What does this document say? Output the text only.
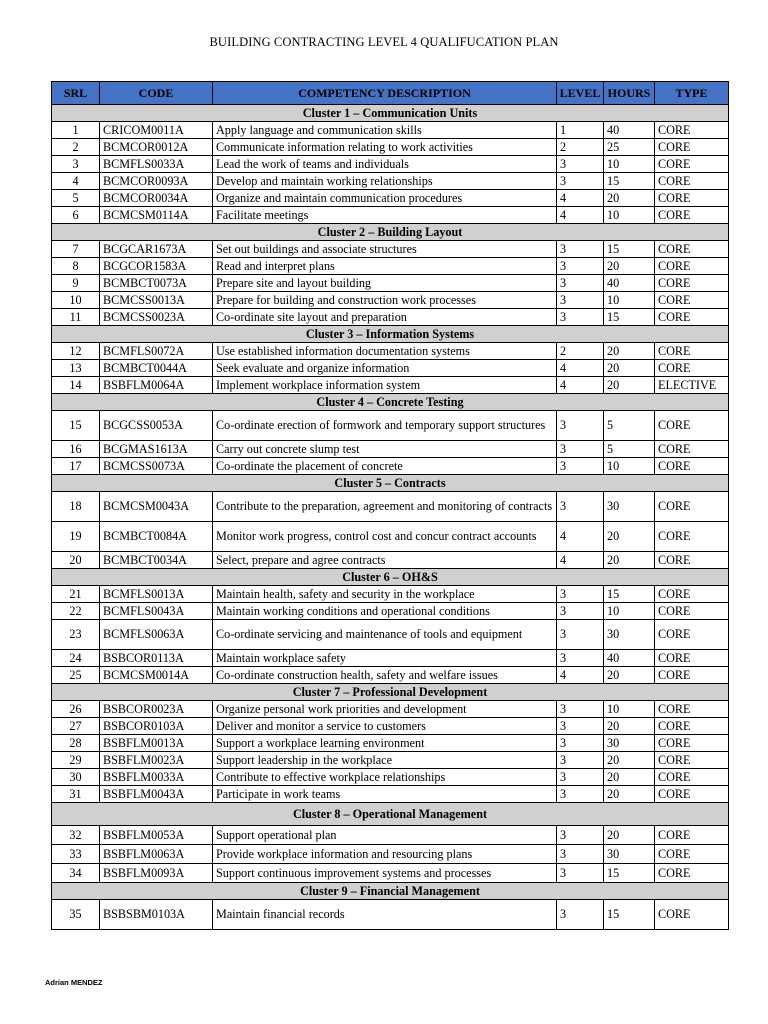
BUILDING CONTRACTING LEVEL 4 QUALIFUCATION PLAN
SRL	CODE	COMPETENCY DESCRIPTION	LEVEL	HOURS	TYPE
Cluster 1 – Communication Units					
1	CRICOM0011A	Apply language and communication skills	1	40	CORE
2	BCMCOR0012A	Communicate information relating to work activities	2	25	CORE
3	BCMFLS0033A	Lead the work of teams and individuals	3	10	CORE
4	BCMCOR0093A	Develop and maintain working relationships	3	15	CORE
5	BCMCOR0034A	Organize and maintain communication procedures	4	20	CORE
6	BCMCSM0114A	Facilitate meetings	4	10	CORE
Cluster 2 – Building Layout					
7	BCGCAR1673A	Set out buildings and associate structures	3	15	CORE
8	BCGCOR1583A	Read and interpret plans	3	20	CORE
9	BCMBCT0073A	Prepare site and layout building	3	40	CORE
10	BCMCSS0013A	Prepare for building and construction work processes	3	10	CORE
11	BCMCSS0023A	Co-ordinate site layout and preparation	3	15	CORE
Cluster 3 – Information Systems					
12	BCMFLS0072A	Use established information documentation systems	2	20	CORE
13	BCMBCT0044A	Seek evaluate and organize information	4	20	CORE
14	BSBFLM0064A	Implement workplace information system	4	20	ELECTIVE
Cluster 4 – Concrete Testing					
15	BCGCSS0053A	Co-ordinate erection of formwork and temporary support structures	3	5	CORE
16	BCGMAS1613A	Carry out concrete slump test	3	5	CORE
17	BCMCSS0073A	Co-ordinate the placement of concrete	3	10	CORE
Cluster 5 – Contracts					
18	BCMCSM0043A	Contribute to the preparation, agreement and monitoring of contracts	3	30	CORE
19	BCMBCT0084A	Monitor work progress, control cost and concur contract accounts	4	20	CORE
20	BCMBCT0034A	Select, prepare and agree contracts	4	20	CORE
Cluster 6 – OH&S					
21	BCMFLS0013A	Maintain health, safety and security in the workplace	3	15	CORE
22	BCMFLS0043A	Maintain working conditions and operational conditions	3	10	CORE
23	BCMFLS0063A	Co-ordinate servicing and maintenance of tools and equipment	3	30	CORE
24	BSBCOR0113A	Maintain workplace safety	3	40	CORE
25	BCMCSM0014A	Co-ordinate construction health, safety and welfare issues	4	20	CORE
Cluster 7 – Professional Development					
26	BSBCOR0023A	Organize personal work priorities and development	3	10	CORE
27	BSBCOR0103A	Deliver and monitor a service to customers	3	20	CORE
28	BSBFLM0013A	Support a workplace learning environment	3	30	CORE
29	BSBFLM0023A	Support leadership in the workplace	3	20	CORE
30	BSBFLM0033A	Contribute to effective workplace relationships	3	20	CORE
31	BSBFLM0043A	Participate in work teams	3	20	CORE
Cluster 8 – Operational Management					
32	BSBFLM0053A	Support operational plan	3	20	CORE
33	BSBFLM0063A	Provide workplace information and resourcing plans	3	30	CORE
34	BSBFLM0093A	Support continuous improvement systems and processes	3	15	CORE
Cluster 9 – Financial Management					
35	BSBSBM0103A	Maintain financial records	3	15	CORE
Adrian MENDEZ
